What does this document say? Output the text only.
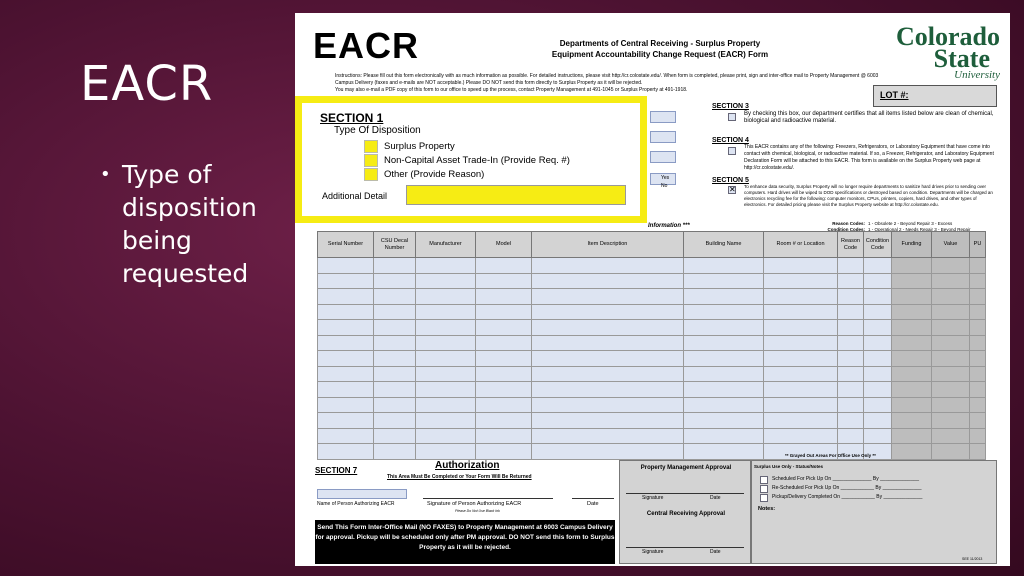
EACR
• Type of disposition being requested
EACR	Departments of Central Receiving - Surplus Property
Equipment Accountability Change Request (EACR) Form
Instructions: Please fill out this form electronically with as much information as possible. For detailed instructions, please visit http://cr.colostate.edu/. When form is completed, please print, sign and inter-office mail to Property Management @ 6003 Campus Delivery (faxes and e-mails are NOT acceptable.) Please DO NOT send this form directly to Surplus Property as it will be rejected.
You may also e-mail a PDF copy of this form to our office to speed up the process, contact Property Management at 491-1045 or Surplus Property at 491-1918.
Colorado
State
University
LOT #:
SECTION 3
By checking this box, our department certifies that all items listed below are clean of chemical, biological and radioactive material.
SECTION 4
This EACR contains any of the following: Freezers, Refrigerators, or Laboratory Equipment that have come into contact with chemical, biological, or radioactive material. If so, a Freezer, Refrigerator, and Laboratory Equipment Declaration Form will be attached to this EACR. This form is available on the Surplus Property web page at http://cr.colostate.edu/.
SECTION 5
✕ To enhance data security, Surplus Property will no longer require departments to sanitize hard drives prior to sending over computers. Hard drives will be wiped to DOD specifications or destroyed based on condition. Departments will be charged an electronics recycling fee for the following: computer monitors, CPUs, printers, copiers, hard drives, and other types of electronics. For detailed pricing please visit the Surplus Property website at http://cr.colostate.edu.
Yes
No
Information ***	Reason Codes:
Condition Codes:
1 - Obsolete 2 - Beyond Repair 3 - Excess
1 - Operational 2 - Needs Repair 3 - Beyond Repair
SECTION 1
Type Of Disposition
Surplus Property
Non-Capital Asset Trade-In (Provide Req. #)
Other (Provide Reason)
Additional Detail
Serial Number	CSU Decal Number	Manufacturer	Model	Item Description	Building Name	Room # or Location	Reason Code	Condition Code	Funding	Value	PU

** Grayed Out Areas For Office Use Only **
SECTION 7	Authorization
This Area Must Be Completed or Your Form Will Be Returned
Name of Person Authorizing EACR	Signature of Person Authorizing EACR	Date
Please Do Not Use Black Ink
Send This Form Inter-Office Mail (NO FAXES) to Property Management at 6003 Campus Delivery for approval. Pickup will be scheduled only after PM approval. DO NOT send this form to Surplus Property as it will be rejected.
Property Management Approval
Signature	Date
Central Receiving Approval
Signature	Date
Surplus Use Only - Status/Notes
Scheduled For Pick Up On ______________ By ______________
Re-Scheduled For Pick Up On ____________ By ______________
Pickup/Delivery Completed On ____________ By ______________
Notes:
SEE 11/2013
